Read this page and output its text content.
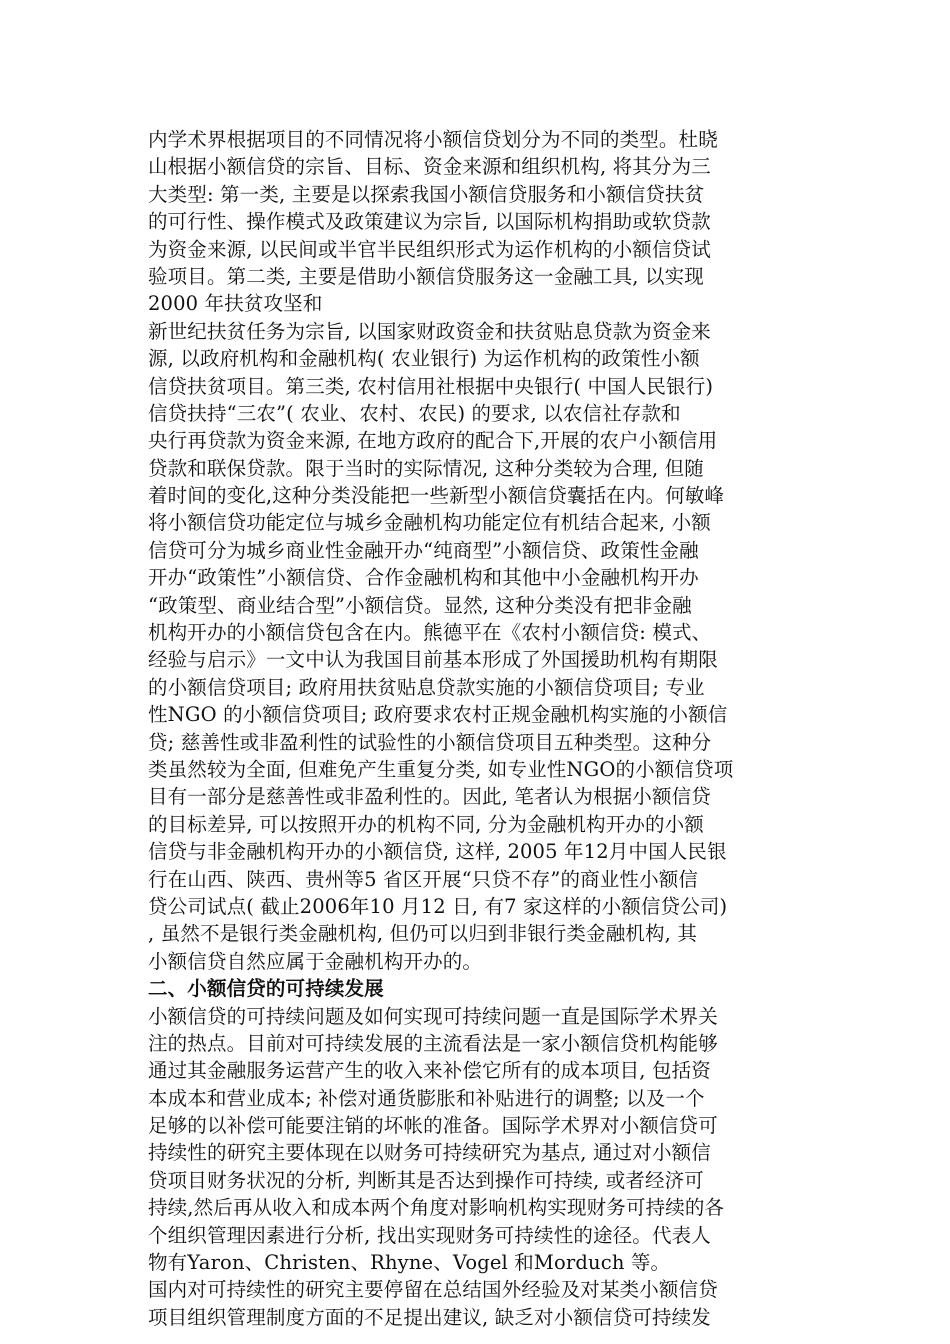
内学术界根据项目的不同情况将小额信贷划分为不同的类型。杜晓
山根据小额信贷的宗旨、目标、资金来源和组织机构, 将其分为三
大类型: 第一类, 主要是以探索我国小额信贷服务和小额信贷扶贫
的可行性、操作模式及政策建议为宗旨, 以国际机构捐助或软贷款
为资金来源, 以民间或半官半民组织形式为运作机构的小额信贷试
验项目。第二类, 主要是借助小额信贷服务这一金融工具, 以实现
2000 年扶贫攻坚和
新世纪扶贫任务为宗旨, 以国家财政资金和扶贫贴息贷款为资金来
源, 以政府机构和金融机构( 农业银行) 为运作机构的政策性小额
信贷扶贫项目。第三类, 农村信用社根据中央银行( 中国人民银行)
信贷扶持“三农”( 农业、农村、农民) 的要求, 以农信社存款和
央行再贷款为资金来源, 在地方政府的配合下,开展的农户小额信用
贷款和联保贷款。限于当时的实际情况, 这种分类较为合理, 但随
着时间的变化,这种分类没能把一些新型小额信贷囊括在内。何敏峰
将小额信贷功能定位与城乡金融机构功能定位有机结合起来, 小额
信贷可分为城乡商业性金融开办“纯商型”小额信贷、政策性金融
开办“政策性”小额信贷、合作金融机构和其他中小金融机构开办
“政策型、商业结合型”小额信贷。显然, 这种分类没有把非金融
机构开办的小额信贷包含在内。熊德平在《农村小额信贷: 模式、
经验与启示》一文中认为我国目前基本形成了外国援助机构有期限
的小额信贷项目; 政府用扶贫贴息贷款实施的小额信贷项目; 专业
性NGO 的小额信贷项目; 政府要求农村正规金融机构实施的小额信
贷; 慈善性或非盈利性的试验性的小额信贷项目五种类型。这种分
类虽然较为全面, 但难免产生重复分类, 如专业性NGO的小额信贷项
目有一部分是慈善性或非盈利性的。因此, 笔者认为根据小额信贷
的目标差异, 可以按照开办的机构不同, 分为金融机构开办的小额
信贷与非金融机构开办的小额信贷, 这样, 2005 年12月中国人民银
行在山西、陕西、贵州等5 省区开展“只贷不存”的商业性小额信
贷公司试点( 截止2006年10 月12 日, 有7 家这样的小额信贷公司)
, 虽然不是银行类金融机构, 但仍可以归到非银行类金融机构, 其
小额信贷自然应属于金融机构开办的。
二、小额信贷的可持续发展
小额信贷的可持续问题及如何实现可持续问题一直是国际学术界关
注的热点。目前对可持续发展的主流看法是一家小额信贷机构能够
通过其金融服务运营产生的收入来补偿它所有的成本项目, 包括资
本成本和营业成本; 补偿对通货膨胀和补贴进行的调整; 以及一个
足够的以补偿可能要注销的坏帐的准备。国际学术界对小额信贷可
持续性的研究主要体现在以财务可持续研究为基点, 通过对小额信
贷项目财务状况的分析, 判断其是否达到操作可持续, 或者经济可
持续,然后再从收入和成本两个角度对影响机构实现财务可持续的各
个组织管理因素进行分析, 找出实现财务可持续性的途径。代表人
物有Yaron、Christen、Rhyne、Vogel 和Morduch 等。
国内对可持续性的研究主要停留在总结国外经验及对某类小额信贷
项目组织管理制度方面的不足提出建议, 缺乏对小额信贷可持续发
